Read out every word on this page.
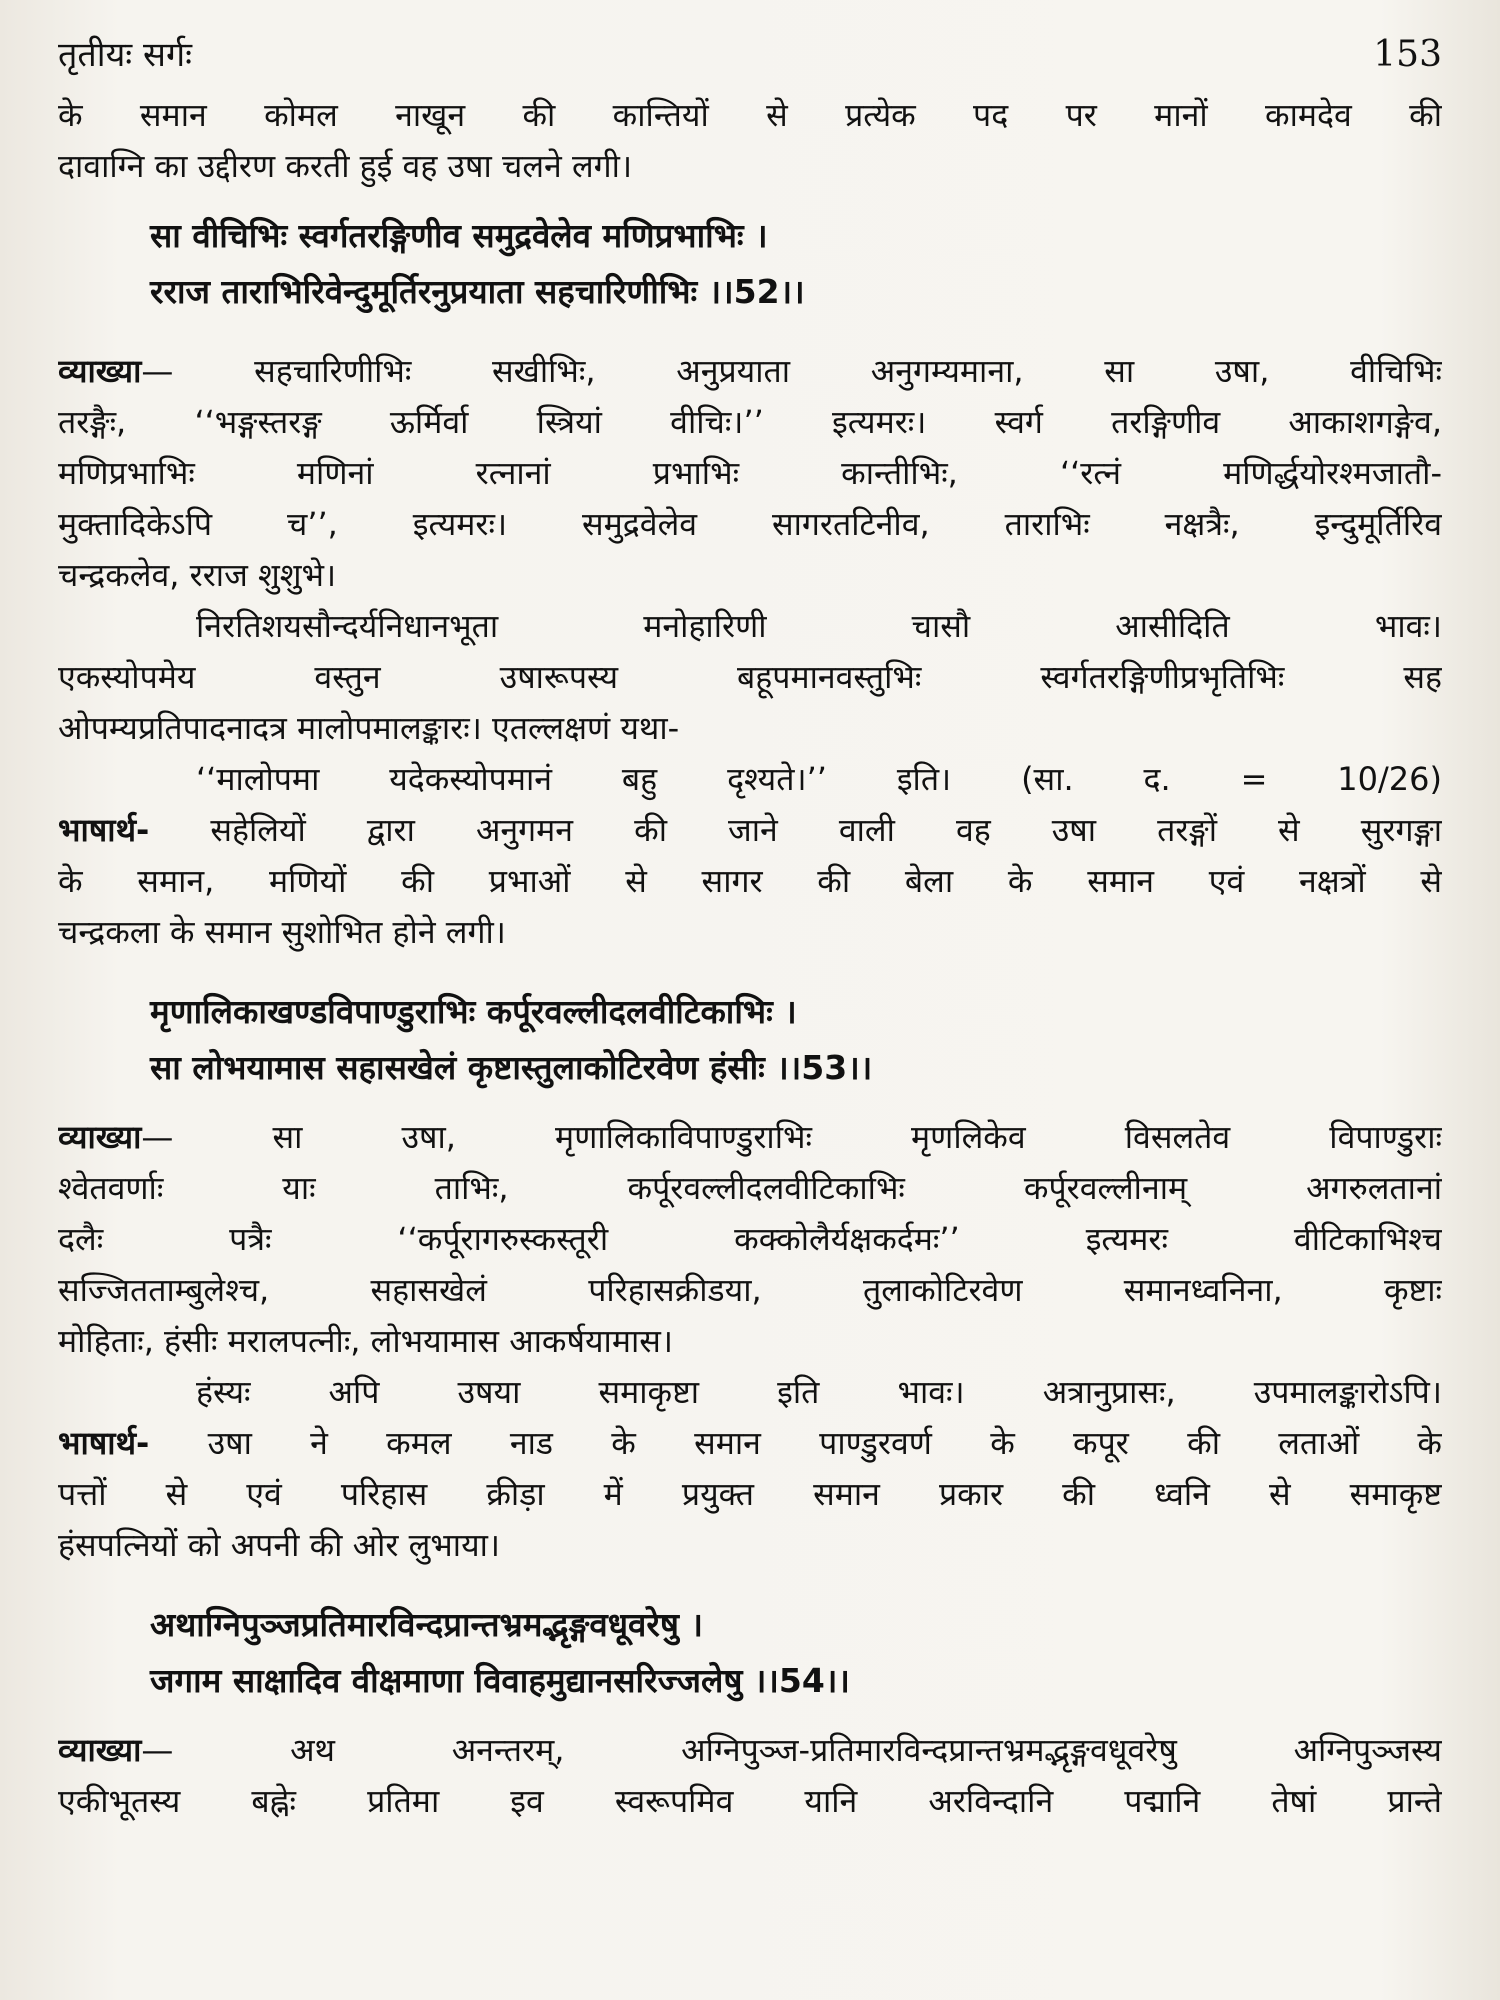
तृतीयः सर्गः	153
के समान कोमल नाखून की कान्तियों से प्रत्येक पद पर मानों कामदेव की
दावाग्नि का उद्दीरण करती हुई वह उषा चलने लगी।
सा वीचिभिः स्वर्गतरङ्गिणीव समुद्रवेलेव मणिप्रभाभिः ।
रराज ताराभिरिवेन्दुमूर्तिरनुप्रयाता सहचारिणीभिः ।।52।।
व्याख्या— सहचारिणीभिः सखीभिः, अनुप्रयाता अनुगम्यमाना, सा उषा, वीचिभिः
तरङ्गैः, ‘‘भङ्गस्तरङ्ग ऊर्मिर्वा स्त्रियां वीचिः।’’ इत्यमरः। स्वर्ग तरङ्गिणीव आकाशगङ्गेव,
मणिप्रभाभिः मणिनां रत्नानां प्रभाभिः कान्तीभिः, ‘‘रत्नं मणिर्द्धयोरश्मजातौ-
मुक्तादिकेऽपि च’’, इत्यमरः। समुद्रवेलेव सागरतटिनीव, ताराभिः नक्षत्रैः, इन्दुमूर्तिरिव
चन्द्रकलेव, रराज शुशुभे।
निरतिशयसौन्दर्यनिधानभूता मनोहारिणी चासौ आसीदिति भावः।
एकस्योपमेय वस्तुन उषारूपस्य बहूपमानवस्तुभिः स्वर्गतरङ्गिणीप्रभृतिभिः सह
ओपम्यप्रतिपादनादत्र मालोपमालङ्कारः। एतल्लक्षणं यथा-
‘‘मालोपमा यदेकस्योपमानं बहु दृश्यते।’’ इति। (सा. द. = 10/26)
भाषार्थ- सहेलियों द्वारा अनुगमन की जाने वाली वह उषा तरङ्गों से सुरगङ्गा
के समान, मणियों की प्रभाओं से सागर की बेला के समान एवं नक्षत्रों से
चन्द्रकला के समान सुशोभित होने लगी।
मृणालिकाखण्डविपाण्डुराभिः कर्पूरवल्लीदलवीटिकाभिः ।
सा लोभयामास सहासखेलं कृष्टास्तुलाकोटिरवेण हंसीः ।।53।।
व्याख्या— सा उषा, मृणालिकाविपाण्डुराभिः मृणलिकेव विसलतेव विपाण्डुराः
श्वेतवर्णाः याः ताभिः, कर्पूरवल्लीदलवीटिकाभिः कर्पूरवल्लीनाम् अगरुलतानां
दलैः पत्रैः ‘‘कर्पूरागरुस्कस्तूरी कक्कोलैर्यक्षकर्दमः’’ इत्यमरः वीटिकाभिश्च
सज्जितताम्बुलेश्च, सहासखेलं परिहासक्रीडया, तुलाकोटिरवेण समानध्वनिना, कृष्टाः
मोहिताः, हंसीः मरालपत्नीः, लोभयामास आकर्षयामास।
हंस्यः अपि उषया समाकृष्टा इति भावः। अत्रानुप्रासः, उपमालङ्कारोऽपि।
भाषार्थ- उषा ने कमल नाड के समान पाण्डुरवर्ण के कपूर की लताओं के
पत्तों से एवं परिहास क्रीड़ा में प्रयुक्त समान प्रकार की ध्वनि से समाकृष्ट
हंसपत्नियों को अपनी की ओर लुभाया।
अथाग्निपुञ्जप्रतिमारविन्दप्रान्तभ्रमद्भृङ्गवधूवरेषु ।
जगाम साक्षादिव वीक्षमाणा विवाहमुद्यानसरिज्जलेषु ।।54।।
व्याख्या— अथ अनन्तरम्, अग्निपुञ्ज-प्रतिमारविन्दप्रान्तभ्रमद्भृङ्गवधूवरेषु अग्निपुञ्जस्य
एकीभूतस्य बह्नेः प्रतिमा इव स्वरूपमिव यानि अरविन्दानि पद्मानि तेषां प्रान्ते
